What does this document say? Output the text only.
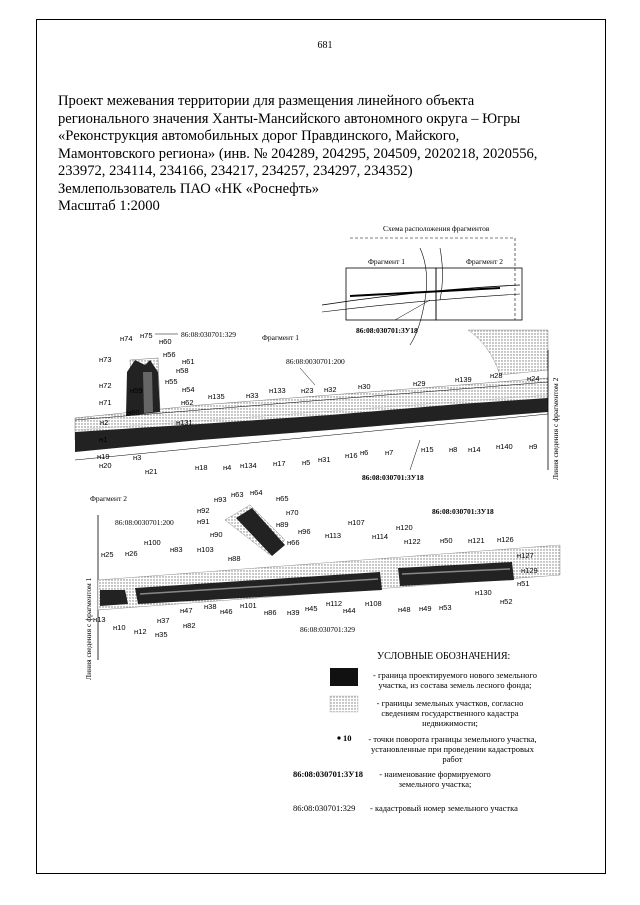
681
Проект межевания территории для размещения линейного объекта
регионального значения Ханты-Мансийского автономного округа – Югры
«Реконструкция автомобильных дорог Правдинского, Майского,
Мамонтовского региона» (инв. № 204289, 204295, 204509, 2020218, 2020556,
233972, 234114, 234166, 234217, 234257, 234297, 234352)
Землепользователь ПАО «НК «Роснефть»
Масштаб 1:2000
Схема расположения фрагментов
Фрагмент 1	Фрагмент 2
86:08:030701:3У18
Фрагмент 1
86:08:030701:329
86:08:0030701:200
86:08:030701:3У18	Линия сведения с фрагментом 2
н74 н75
н60
н56
н61
н58
н55
н54
н62
н73
н72
н71
н2
н1
н19
н20
н21
н135	н33
н133 н23	н30
н32
н29	н139 н28	н24
н18 н4 н134 н17 н5 н31 н16 н6 н7	н15 н8 н14 н140 н9
н131
н3
н80
н59
Фрагмент 2
86:08:0030701:200
86:08:030701:3У18
86:08:030701:329
Линия сведения с фрагментом 1
н92
н93
н63 н64
н65
н70
н91	н89
н90	н96
н66
н100
н103
н83
н88
н113
н107
н114
н120
н122	н50 н121 н126
н127
н129
н25 н26
н13
н10 н12
н37
н35
н82
н47 н38
н46
н101
н86 н39 н45
н112
н44
н108
н48 н49 н53
н130
н51
н52
УСЛОВНЫЕ ОБОЗНАЧЕНИЯ:
- граница проектируемого нового земельного
участка, из состава земель лесного фонда;
- границы земельных участков, согласно
сведениям государственного кадастра
недвижимости;
10	- точки поворота границы земельного участка,
установленные при проведении кадастровых
работ
86:08:030701:3У18	- наименование формируемого
земельного участка;
86:08:030701:329 - кадастровый номер земельного участка
